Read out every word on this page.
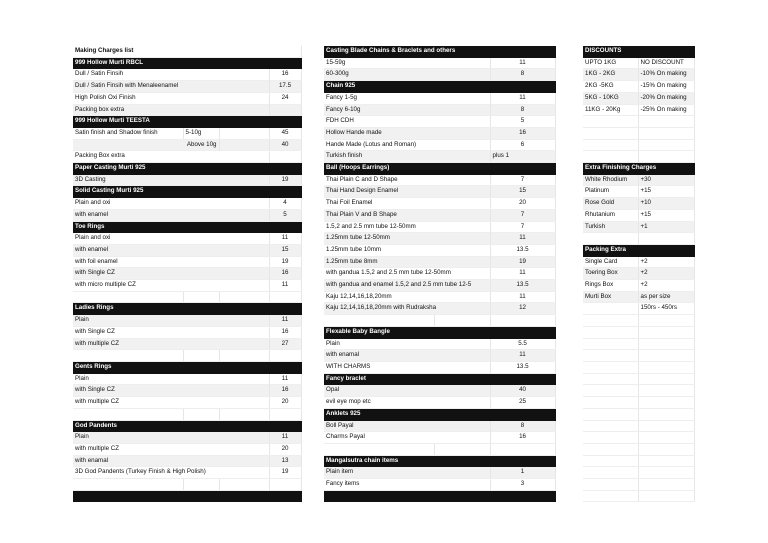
Making Charges list			
999 Hollow Murti RBCL			
Dull / Satin Finsih			16
Dull / Satin Finsih with Menaleenamel			17.5
High Polish Oxi Finish			24
Packing box extra			
999 Hollow Murti TEESTA			
Satin finish and Shadow finish	5-10g		45
Above 10g			40
Packing Box extra			
Paper Casting Murti 925			
3D Casting			19
Solid Casting Murti 925			
Plain and oxi			4
with enamel			5
Toe Rings			
Plain and oxi			11
with enamel			15
with foil enamel			19
with Single CZ			16
with micro multiple CZ			11

Ladies Rings			
Plain			11
with Single CZ			16
with multiple CZ			27

Gents Rings			
Plain			11
with Single CZ			16
with multiple CZ			20

God Pandents			
Plain			11
with multiple CZ			20
with enamal			13
3D God Pandents (Turkey Finish & High Polish)			19

Casting Blade Chains & Braclets and others		
15-59g		11
60-300g		8
Chain 925		
Fancy 1-5g		11
Fancy 6-10g		8
FDH CDH		5
Hollow Hande made		16
Hande Made (Lotus and Roman)		6
Turkish finish		plus 1
Ball (Hoops Earrings)		
Thai Plain C and D Shape		7
Thai Hand Design Enamel		15
Thai Foil Enamel		20
Thai Plain V and B Shape		7
1.5,2 and 2.5 mm tube 12-50mm		7
1.25mm tube 12-50mm		11
1.25mm tube 10mm		13.5
1.25mm tube 8mm		19
with gandua 1.5,2 and 2.5 mm tube 12-50mm		11
with gandua and enamel 1.5,2 and 2.5 mm tube 12-5		13.5
Kaju 12,14,16,18,20mm		11
Kaju 12,14,16,18,20mm with Rudraksha		12

Flexable Baby Bangle		
Plain		5.5
with enamal		11
WITH CHARMS		13.5
Fancy braclet		
Opal		40
evil eye mop etc		25
Anklets 925		
Boll Payal		8
Charms Payal		16

Mangalsutra chain items		
Plain item		1
Fancy items		3

DISCOUNTS	
UPTO 1KG	NO DISCOUNT
1KG - 2KG	-10% On making
2KG -5KG	-15% On making
5KG - 10KG	-20% On making
11KG - 20Kg	-25% On making

Extra Finishing Charges	
White Rhodium	+30
Platinum	+15
Rose Gold	+10
Rhutanium	+15
Turkish	+1

Packing Extra	
Single Card	+2
Toering Box	+2
Rings Box	+2
Murti Box	as per size
	150rs - 450rs
